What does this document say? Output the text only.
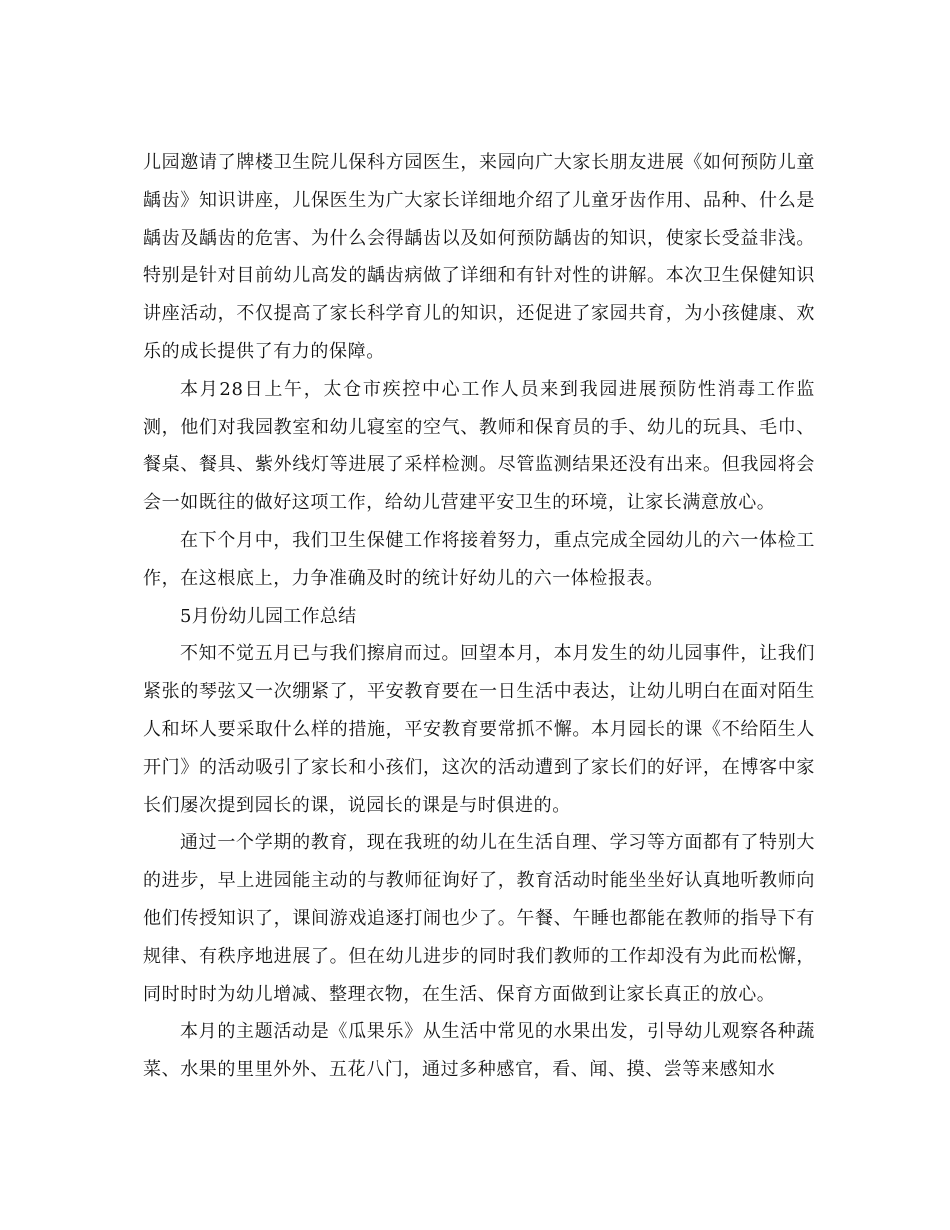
儿园邀请了牌楼卫生院儿保科方园医生，来园向广大家长朋友进展《如何预防儿童龋齿》知识讲座，儿保医生为广大家长详细地介绍了儿童牙齿作用、品种、什么是龋齿及龋齿的危害、为什么会得龋齿以及如何预防龋齿的知识，使家长受益非浅。特别是针对目前幼儿高发的龋齿病做了详细和有针对性的讲解。本次卫生保健知识讲座活动，不仅提高了家长科学育儿的知识，还促进了家园共育，为小孩健康、欢乐的成长提供了有力的保障。

本月28日上午，太仓市疾控中心工作人员来到我园进展预防性消毒工作监测，他们对我园教室和幼儿寝室的空气、教师和保育员的手、幼儿的玩具、毛巾、餐桌、餐具、紫外线灯等进展了采样检测。尽管监测结果还没有出来。但我园将会会一如既往的做好这项工作，给幼儿营建平安卫生的环境，让家长满意放心。

在下个月中，我们卫生保健工作将接着努力，重点完成全园幼儿的六一体检工作，在这根底上，力争准确及时的统计好幼儿的六一体检报表。

5月份幼儿园工作总结

不知不觉五月已与我们擦肩而过。回望本月，本月发生的幼儿园事件，让我们紧张的琴弦又一次绷紧了，平安教育要在一日生活中表达，让幼儿明白在面对陌生人和坏人要采取什么样的措施，平安教育要常抓不懈。本月园长的课《不给陌生人开门》的活动吸引了家长和小孩们，这次的活动遭到了家长们的好评，在博客中家长们屡次提到园长的课，说园长的课是与时俱进的。

通过一个学期的教育，现在我班的幼儿在生活自理、学习等方面都有了特别大的进步，早上进园能主动的与教师征询好了，教育活动时能坐坐好认真地听教师向他们传授知识了，课间游戏追逐打闹也少了。午餐、午睡也都能在教师的指导下有规律、有秩序地进展了。但在幼儿进步的同时我们教师的工作却没有为此而松懈，同时时时为幼儿增减、整理衣物，在生活、保育方面做到让家长真正的放心。

本月的主题活动是《瓜果乐》从生活中常见的水果出发，引导幼儿观察各种蔬菜、水果的里里外外、五花八门，通过多种感官，看、闻、摸、尝等来感知水
